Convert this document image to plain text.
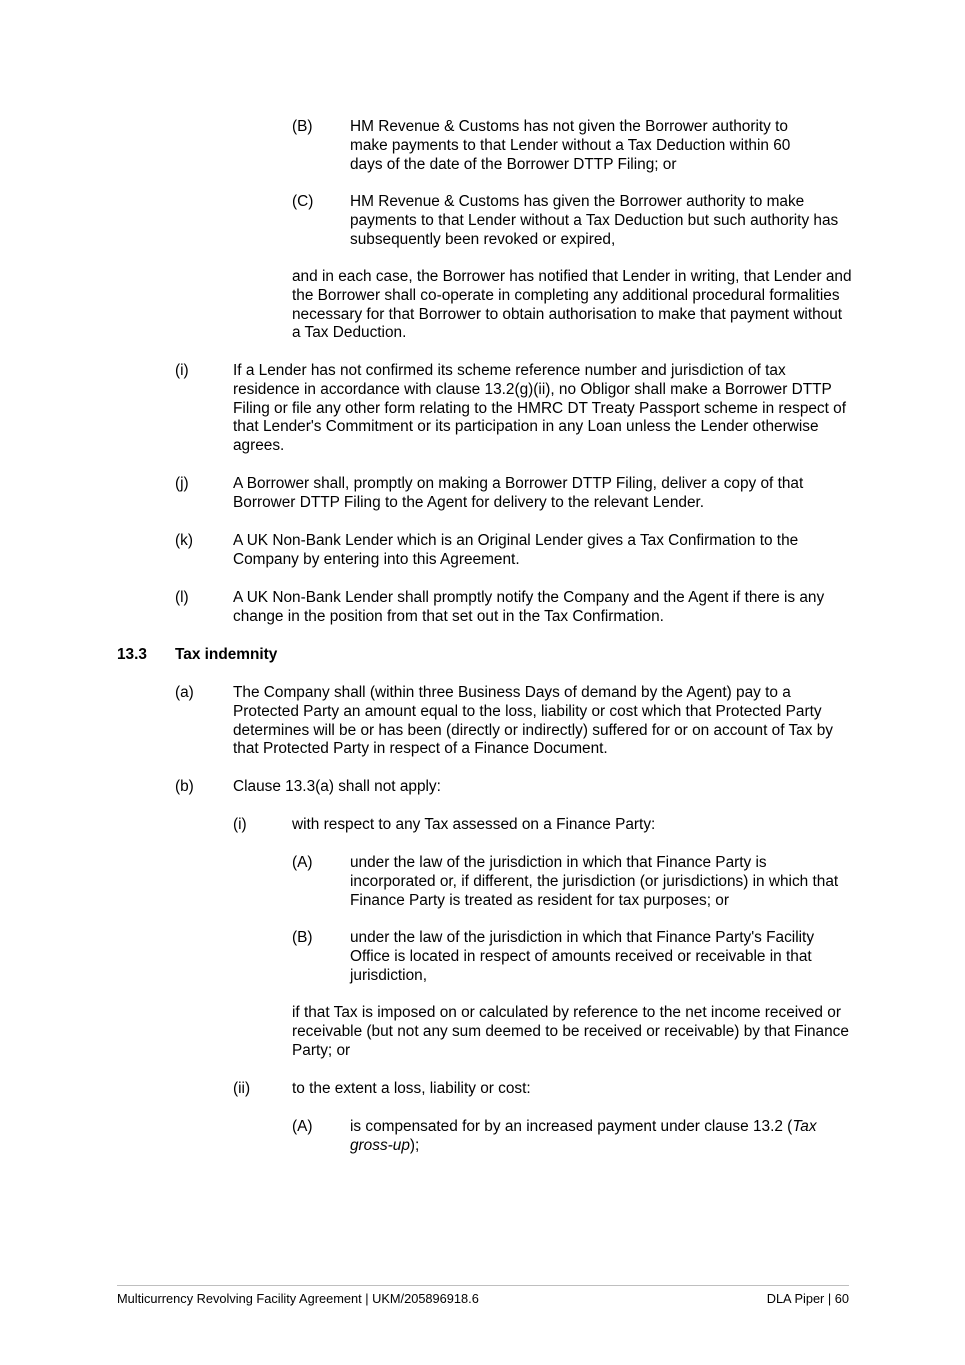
(B) HM Revenue & Customs has not given the Borrower authority to make payments to that Lender without a Tax Deduction within 60 days of the date of the Borrower DTTP Filing; or
(C) HM Revenue & Customs has given the Borrower authority to make payments to that Lender without a Tax Deduction but such authority has subsequently been revoked or expired,
and in each case, the Borrower has notified that Lender in writing, that Lender and the Borrower shall co-operate in completing any additional procedural formalities necessary for that Borrower to obtain authorisation to make that payment without a Tax Deduction.
(i)	If a Lender has not confirmed its scheme reference number and jurisdiction of tax residence in accordance with clause 13.2(g)(ii), no Obligor shall make a Borrower DTTP Filing or file any other form relating to the HMRC DT Treaty Passport scheme in respect of that Lender's Commitment or its participation in any Loan unless the Lender otherwise agrees.
(j)	A Borrower shall, promptly on making a Borrower DTTP Filing, deliver a copy of that Borrower DTTP Filing to the Agent for delivery to the relevant Lender.
(k)	A UK Non-Bank Lender which is an Original Lender gives a Tax Confirmation to the Company by entering into this Agreement.
(l)	A UK Non-Bank Lender shall promptly notify the Company and the Agent if there is any change in the position from that set out in the Tax Confirmation.
13.3 Tax indemnity
(a)	The Company shall (within three Business Days of demand by the Agent) pay to a Protected Party an amount equal to the loss, liability or cost which that Protected Party determines will be or has been (directly or indirectly) suffered for or on account of Tax by that Protected Party in respect of a Finance Document.
(b)	Clause 13.3(a) shall not apply:
(i)	with respect to any Tax assessed on a Finance Party:
(A) under the law of the jurisdiction in which that Finance Party is incorporated or, if different, the jurisdiction (or jurisdictions) in which that Finance Party is treated as resident for tax purposes; or
(B) under the law of the jurisdiction in which that Finance Party's Facility Office is located in respect of amounts received or receivable in that jurisdiction,
if that Tax is imposed on or calculated by reference to the net income received or receivable (but not any sum deemed to be received or receivable) by that Finance Party; or
(ii)	to the extent a loss, liability or cost:
(A) is compensated for by an increased payment under clause 13.2 (Tax gross-up);
Multicurrency Revolving Facility Agreement | UKM/205896918.6	DLA Piper | 60
